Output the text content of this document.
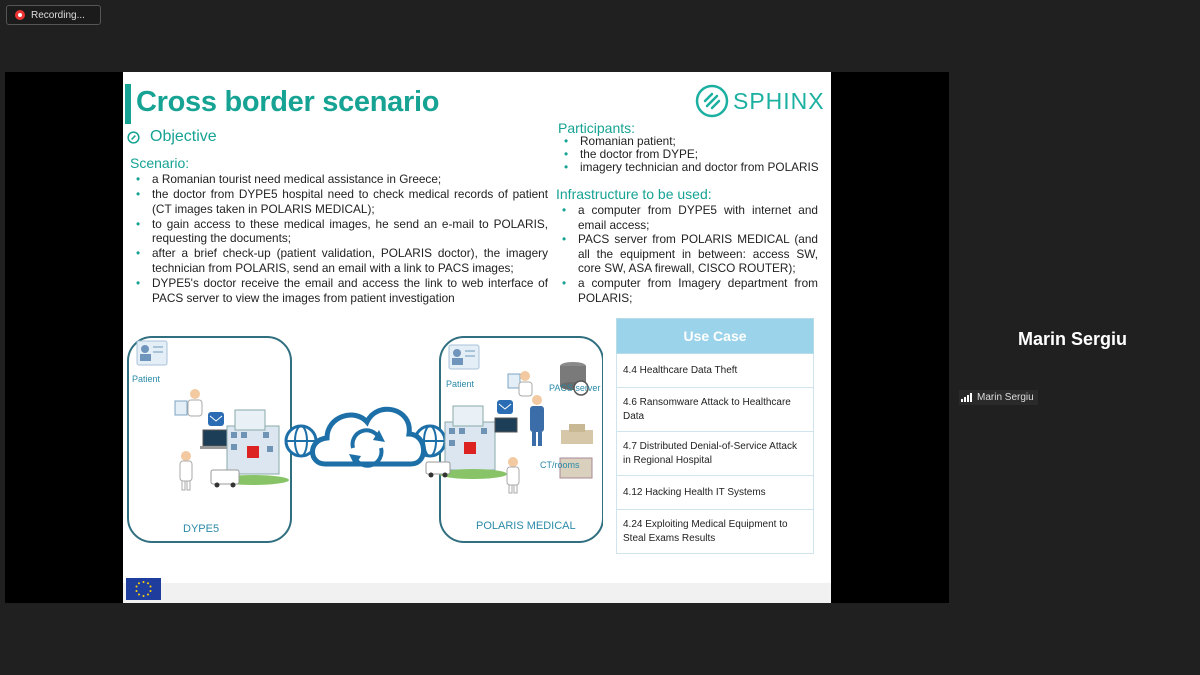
Recording...
Cross border scenario	SPHINX
Objective
Scenario:
• a Romanian tourist need medical assistance in Greece;
• the doctor from DYPE5 hospital need to check medical records of patient (CT images taken in POLARIS MEDICAL);
• to gain access to these medical images, he send an e-mail to POLARIS, requesting the documents;
• after a brief check-up (patient validation, POLARIS doctor), the imagery technician from POLARIS, send an email with a link to PACS images;
• DYPE5's doctor receive the email and access the link to web interface of PACS server to view the images from patient investigation
Participants:
• Romanian patient;
• the doctor from DYPE;
• imagery technician and doctor from POLARIS
Infrastructure to be used:
• a computer from DYPE5 with internet and email access;
• PACS server from POLARIS MEDICAL (and all the equipment in between: access SW, core SW, ASA firewall, CISCO ROUTER);
• a computer from Imagery department from POLARIS;
Use Case
4.4 Healthcare Data Theft
4.6 Ransomware Attack to Healthcare Data
4.7 Distributed Denial-of-Service Attack in Regional Hospital
4.12 Hacking Health IT Systems
4.24 Exploiting Medical Equipment to Steal Exams Results
Patient
DYPE5
Patient	PACS server
CT/rooms
POLARIS MEDICAL
Marin Sergiu
Marin Sergiu
